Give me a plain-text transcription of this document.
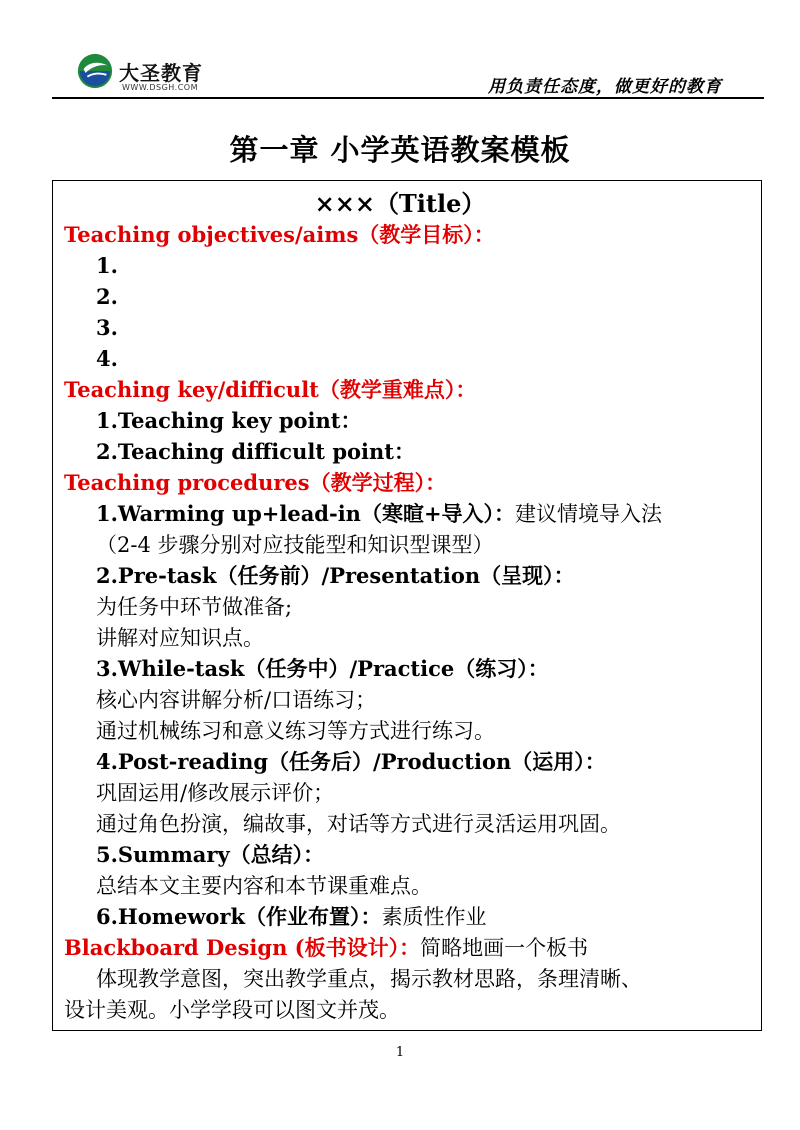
大圣教育
WWW.DSGH.COM	用负责任态度，做更好的教育
第一章 小学英语教案模板
×××（Title）
Teaching objectives/aims（教学目标）：
1.
2.
3.
4.
Teaching key/difficult（教学重难点）：
1.Teaching key point：
2.Teaching difficult point：
Teaching procedures（教学过程）：
1.Warming up+lead-in（寒暄+导入）：建议情境导入法
（2-4 步骤分别对应技能型和知识型课型）
2.Pre-task（任务前）/Presentation（呈现）：
为任务中环节做准备;
讲解对应知识点。
3.While-task（任务中）/Practice（练习）：
核心内容讲解分析/口语练习；
通过机械练习和意义练习等方式进行练习。
4.Post-reading（任务后）/Production（运用）：
巩固运用/修改展示评价；
通过角色扮演，编故事，对话等方式进行灵活运用巩固。
5.Summary（总结）：
总结本文主要内容和本节课重难点。
6.Homework（作业布置）：素质性作业
Blackboard Design (板书设计）：简略地画一个板书
体现教学意图，突出教学重点，揭示教材思路，条理清晰、
设计美观。小学学段可以图文并茂。
1
